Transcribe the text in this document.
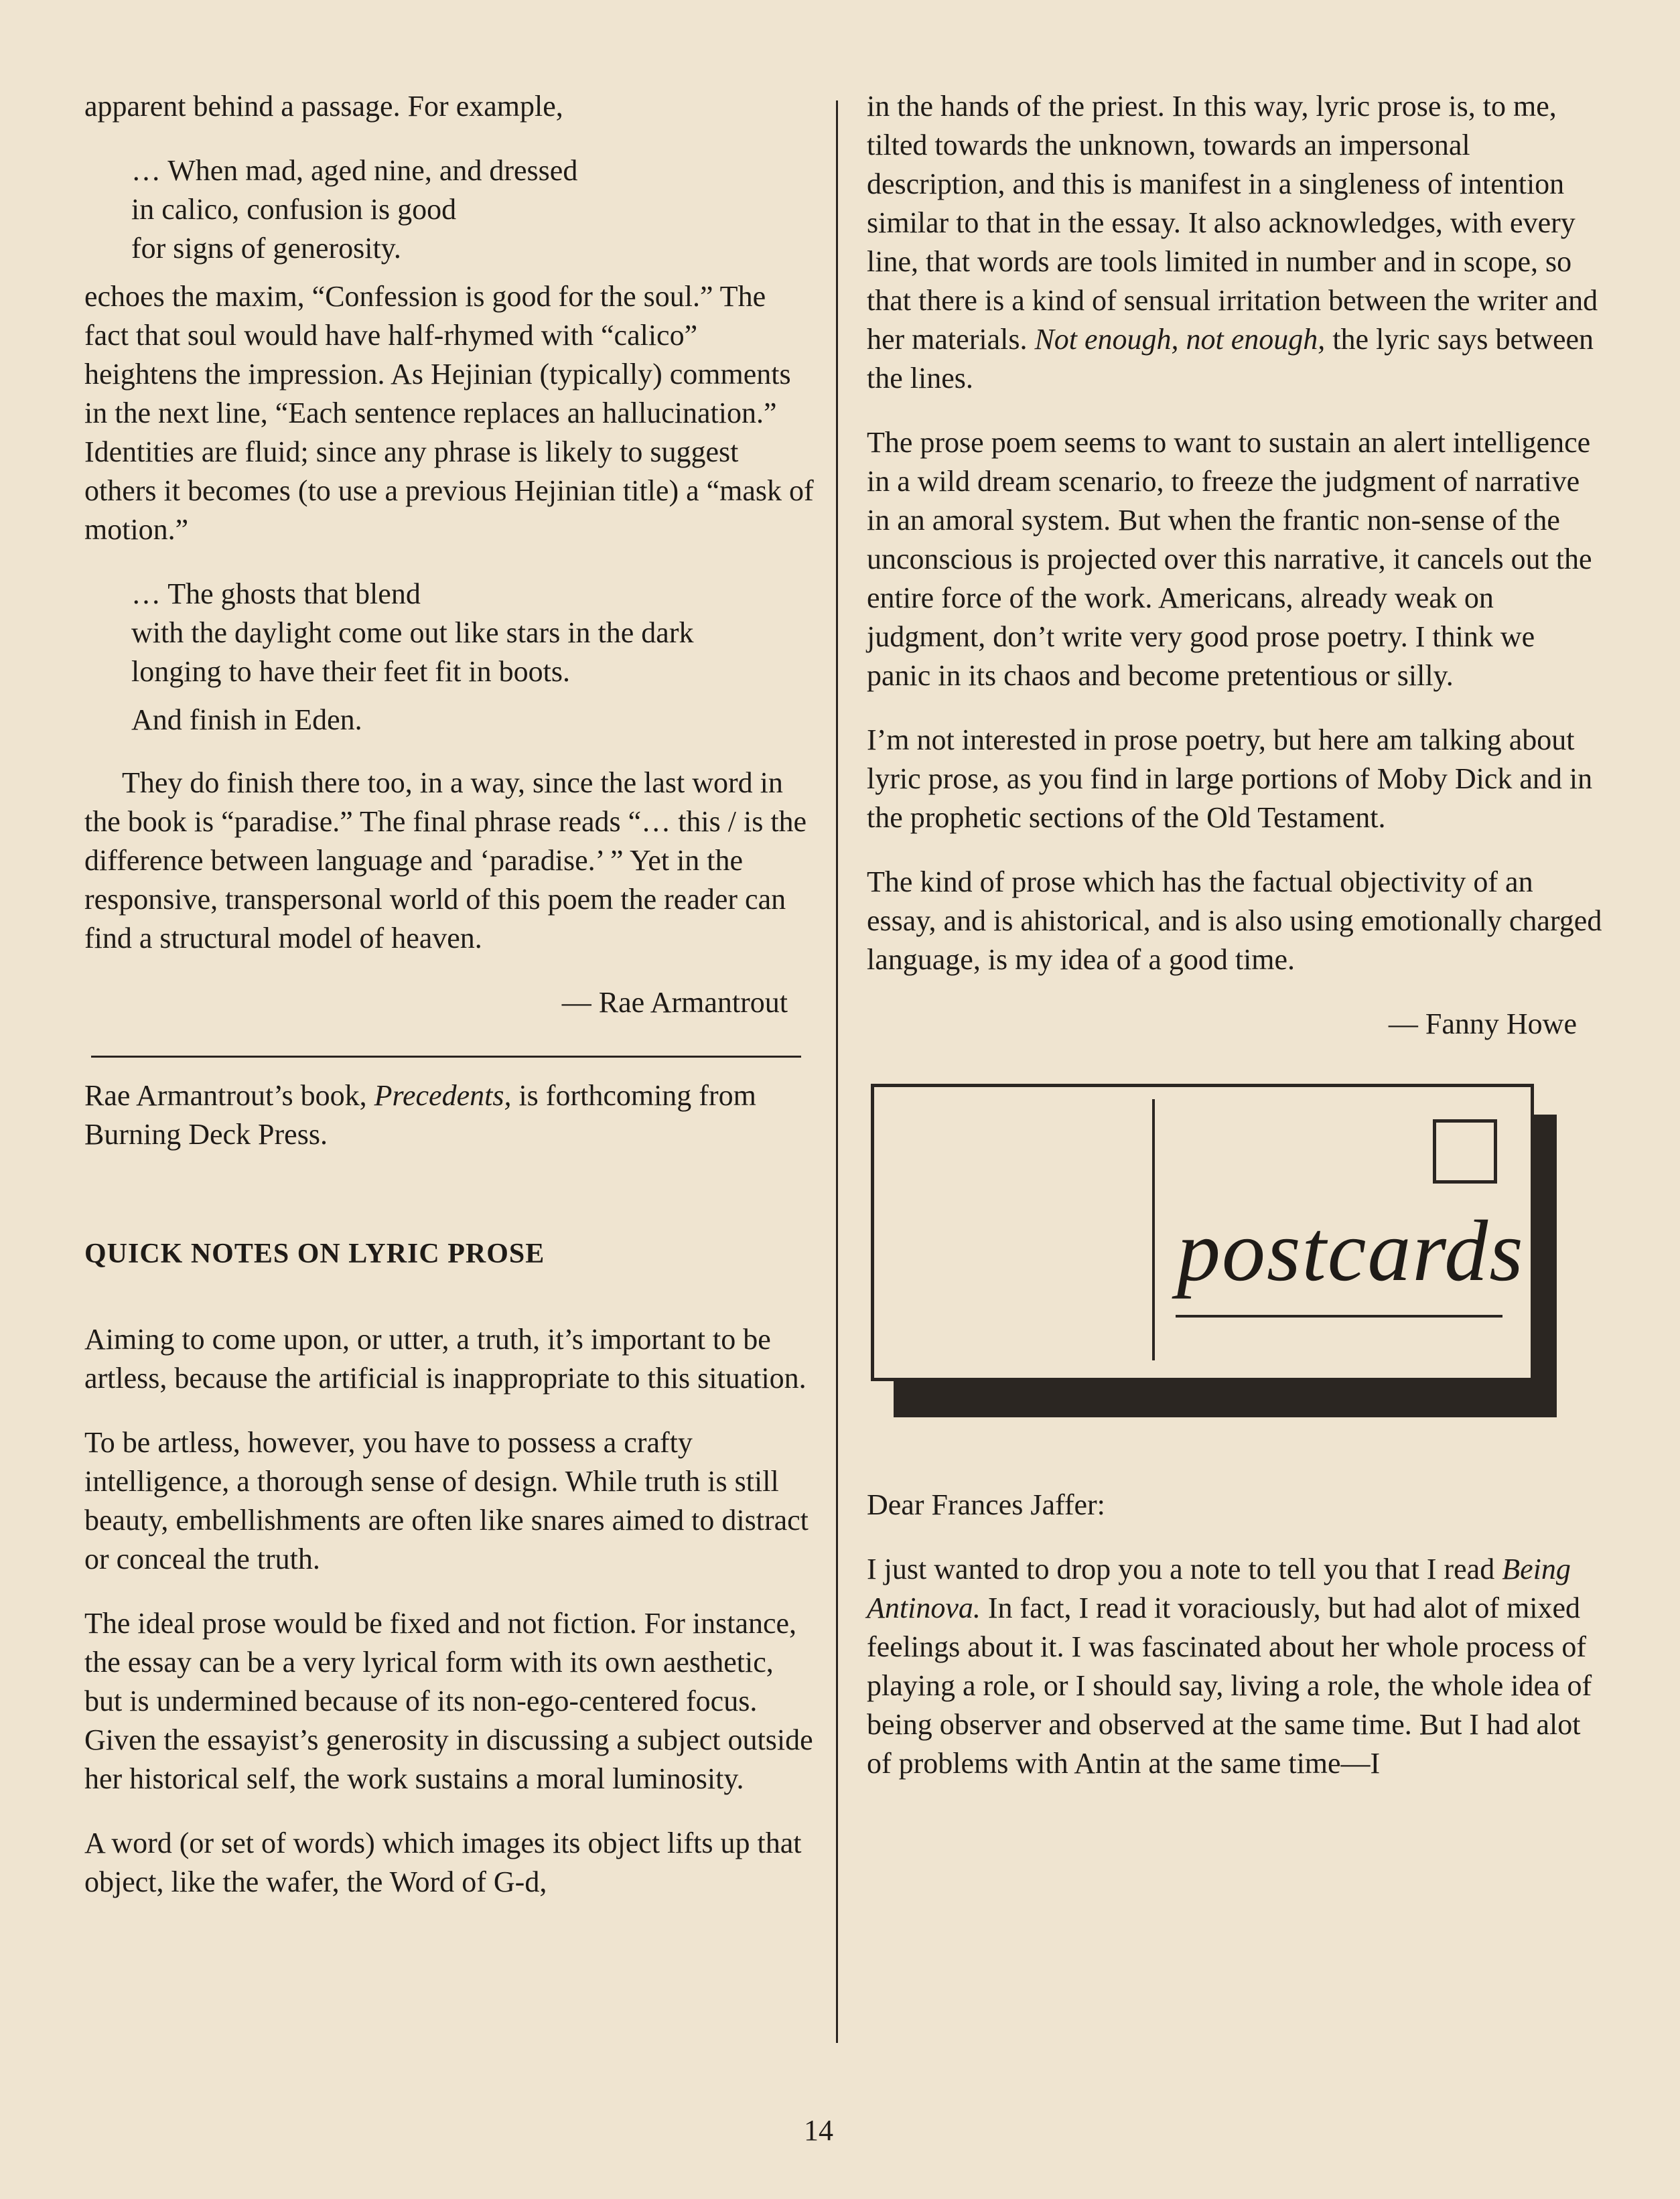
apparent behind a passage. For example,

… When mad, aged nine, and dressed
in calico, confusion is good
for signs of generosity.

echoes the maxim, “Confession is good for the soul.” The fact that soul would have half-rhymed with “calico” heightens the impression. As Hejinian (typically) comments in the next line, “Each sentence replaces an hallucination.” Identities are fluid; since any phrase is likely to suggest others it becomes (to use a previous Hejinian title) a “mask of motion.”

… The ghosts that blend
with the daylight come out like stars in the dark
longing to have their feet fit in boots.

And finish in Eden.

They do finish there too, in a way, since the last word in the book is “paradise.” The final phrase reads “… this / is the difference between language and ‘paradise.’ ” Yet in the responsive, transpersonal world of this poem the reader can find a structural model of heaven.

— Rae Armantrout

Rae Armantrout’s book, Precedents, is forthcoming from Burning Deck Press.

QUICK NOTES ON LYRIC PROSE

Aiming to come upon, or utter, a truth, it’s important to be artless, because the artificial is inappropriate to this situation.

To be artless, however, you have to possess a crafty intelligence, a thorough sense of design. While truth is still beauty, embellishments are often like snares aimed to distract or conceal the truth.

The ideal prose would be fixed and not fiction. For instance, the essay can be a very lyrical form with its own aesthetic, but is undermined because of its non-ego-centered focus. Given the essayist’s generosity in discussing a subject outside her historical self, the work sustains a moral luminosity.

A word (or set of words) which images its object lifts up that object, like the wafer, the Word of G-d,

in the hands of the priest. In this way, lyric prose is, to me, tilted towards the unknown, towards an impersonal description, and this is manifest in a singleness of intention similar to that in the essay. It also acknowledges, with every line, that words are tools limited in number and in scope, so that there is a kind of sensual irritation between the writer and her materials. Not enough, not enough, the lyric says between the lines.

The prose poem seems to want to sustain an alert intelligence in a wild dream scenario, to freeze the judgment of narrative in an amoral system. But when the frantic non-sense of the unconscious is projected over this narrative, it cancels out the entire force of the work. Americans, already weak on judgment, don’t write very good prose poetry. I think we panic in its chaos and become pretentious or silly.

I’m not interested in prose poetry, but here am talking about lyric prose, as you find in large portions of Moby Dick and in the prophetic sections of the Old Testament.

The kind of prose which has the factual objectivity of an essay, and is ahistorical, and is also using emotionally charged language, is my idea of a good time.

— Fanny Howe

postcards

Dear Frances Jaffer:

I just wanted to drop you a note to tell you that I read Being Antinova. In fact, I read it voraciously, but had alot of mixed feelings about it. I was fascinated about her whole process of playing a role, or I should say, living a role, the whole idea of being observer and observed at the same time. But I had alot of problems with Antin at the same time—I

14
